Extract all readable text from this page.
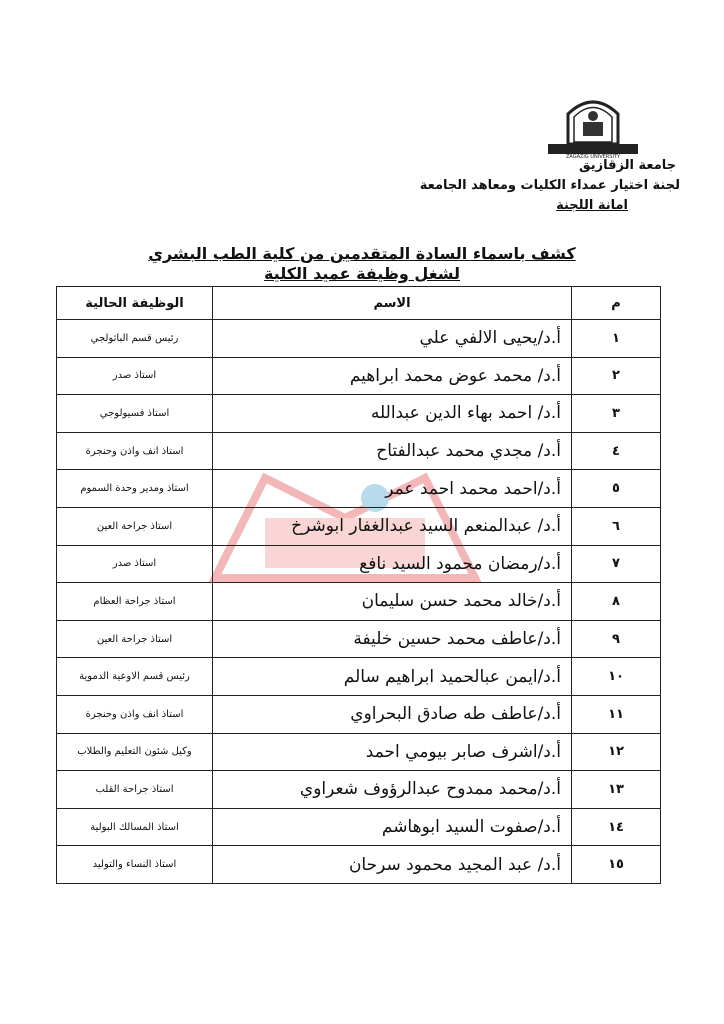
ZAGAZIG UNIVERSITY
جامعة الزقازيق
لجنة اختيار عمداء الكليات ومعاهد الجامعة
امانة اللجنة
كشف باسماء السادة المتقدمين من كلية الطب البشري
لشغل وظيفة عميد الكلية
م	الاسم	الوظيفة الحالية
١	أ.د/يحيى الالفي علي	رئيس قسم الباثولجي
٢	أ.د/ محمد عوض محمد ابراهيم	استاذ صدر
٣	أ.د/ احمد بهاء الدين عبدالله	استاذ فسيولوجي
٤	أ.د/ مجدي محمد عبدالفتاح	استاذ انف واذن وحنجرة
٥	أ.د/احمد محمد احمد عمر	استاذ ومدير وحدة السموم
٦	أ.د/ عبدالمنعم السيد عبدالغفار ابوشرخ	استاذ جراحة العين
٧	أ.د/رمضان محمود السيد نافع	استاذ صدر
٨	أ.د/خالد محمد حسن سليمان	استاذ جراحة العظام
٩	أ.د/عاطف محمد حسين خليفة	استاذ جراحة العين
١٠	أ.د/ايمن عبالحميد ابراهيم سالم	رئيس قسم الاوعية الدموية
١١	أ.د/عاطف طه صادق البحراوي	استاذ انف واذن وحنجرة
١٢	أ.د/اشرف صابر بيومي احمد	وكيل شئون التعليم والطلاب
١٣	أ.د/محمد ممدوح عبدالرؤوف شعراوي	استاذ جراحة القلب
١٤	أ.د/صفوت السيد ابوهاشم	استاذ المسالك البولية
١٥	أ.د/ عبد المجيد محمود سرحان	استاذ النساء والتوليد
